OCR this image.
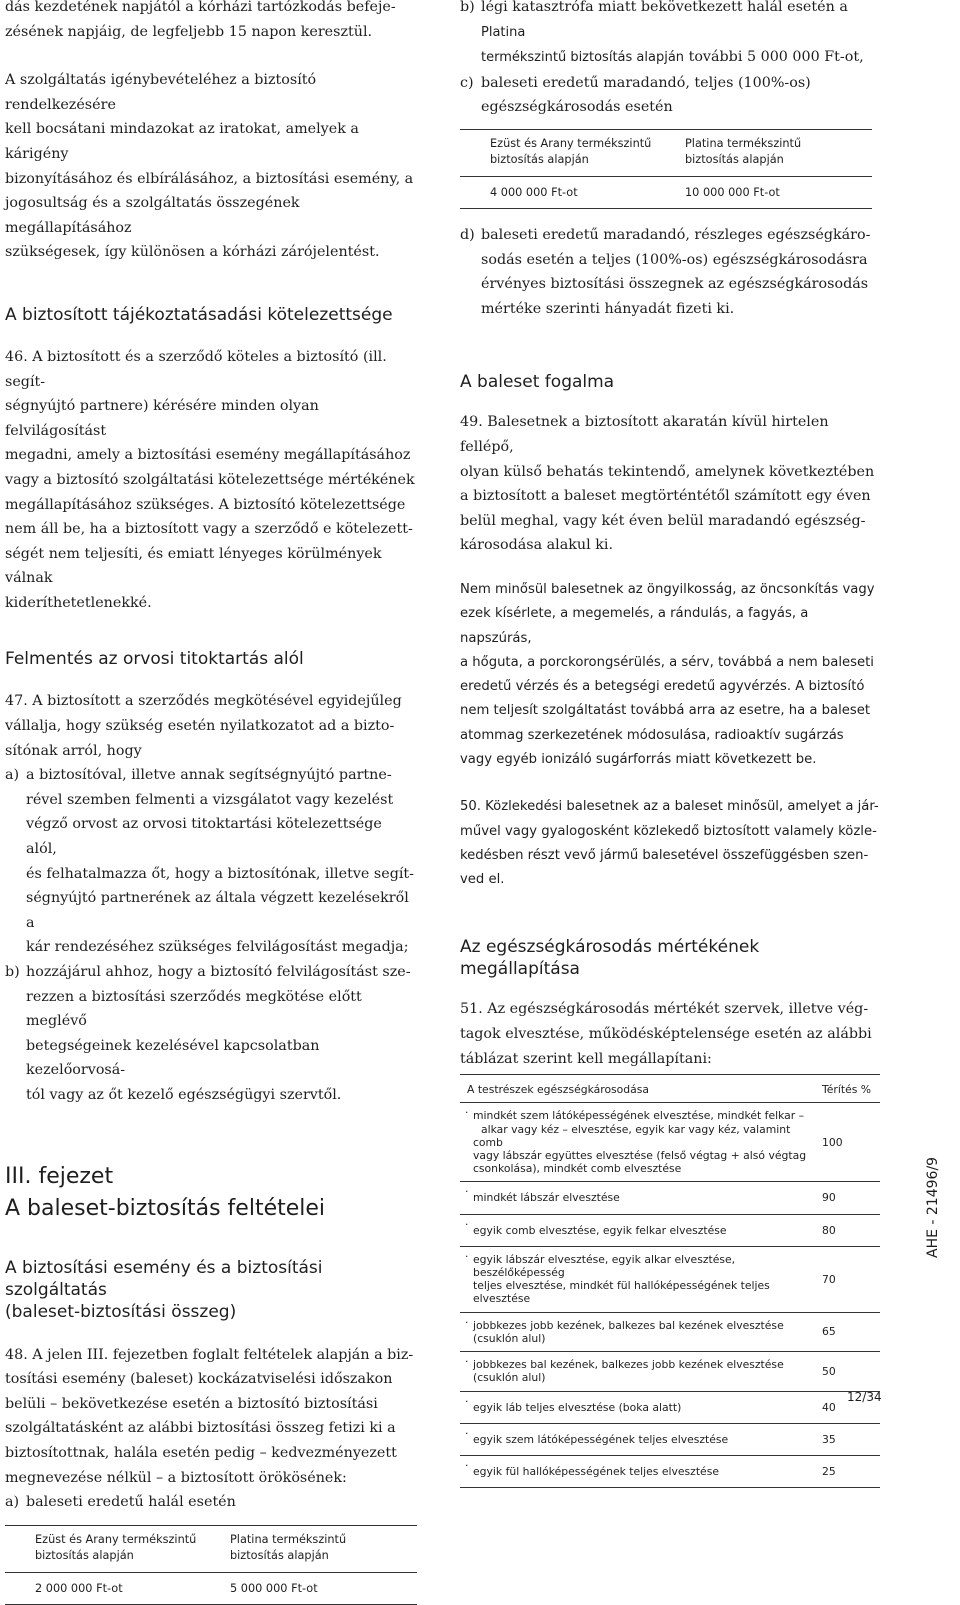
dás kezdetének napjától a kórházi tartózkodás befeje-
zésének napjáig, de legfeljebb 15 napon keresztül.

A szolgáltatás igénybevételéhez a biztosító rendelkezésére
kell bocsátani mindazokat az iratokat, amelyek a kárigény
bizonyításához és elbírálásához, a biztosítási esemény, a
jogosultság és a szolgáltatás összegének megállapításához
szükségesek, így különösen a kórházi zárójelentést.

A biztosított tájékoztatásadási kötelezettsége

46. A biztosított és a szerződő köteles a biztosító (ill. segít-
ségnyújtó partnere) kérésére minden olyan felvilágosítást
megadni, amely a biztosítási esemény megállapításához
vagy a biztosító szolgáltatási kötelezettsége mértékének
megállapításához szükséges. A biztosító kötelezettsége
nem áll be, ha a biztosított vagy a szerződő e kötelezett-
ségét nem teljesíti, és emiatt lényeges körülmények válnak
kideríthetetlenekké.

Felmentés az orvosi titoktartás alól

47. A biztosított a szerződés megkötésével egyidejűleg
vállalja, hogy szükség esetén nyilatkozatot ad a bizto-
sítónak arról, hogy

a) a biztosítóval, illetve annak segítségnyújtó partne-
rével szemben felmenti a vizsgálatot vagy kezelést
végző orvost az orvosi titoktartási kötelezettsége alól,
és felhatalmazza őt, hogy a biztosítónak, illetve segít-
ségnyújtó partnerének az általa végzett kezelésekről a
kár rendezéséhez szükséges felvilágosítást megadja;

b) hozzájárul ahhoz, hogy a biztosító felvilágosítást sze-
rezzen a biztosítási szerződés megkötése előtt meglévő
betegségeinek kezelésével kapcsolatban kezelőorvosá-
tól vagy az őt kezelő egészségügyi szervtől.

III. fejezet
A baleset-biztosítás feltételei
A biztosítási esemény és a biztosítási szolgáltatás
(baleset-biztosítási összeg)

48. A jelen III. fejezetben foglalt feltételek alapján a biz-
tosítási esemény (baleset) kockázatviselési időszakon
belüli – bekövetkezése esetén a biztosító biztosítási
szolgáltatásként az alábbi biztosítási összeg fetizi ki a
biztosítottnak, halála esetén pedig – kedvezményezett
megnevezése nélkül – a biztosított örökösének:

a) baleseti eredetű halál esetén

Ezüst és Arany termékszintű
biztosítás alapján	Platina termékszintű
biztosítás alapján
2 000 000 Ft-ot	5 000 000 Ft-ot

b) légi katasztrófa miatt bekövetkezett halál esetén a Platina
termékszintű biztosítás alapján további 5 000 000 Ft-ot,

c) baleseti eredetű maradandó, teljes (100%-os)
egészségkárosodás esetén

Ezüst és Arany termékszintű
biztosítás alapján	Platina termékszintű
biztosítás alapján
4 000 000 Ft-ot	10 000 000 Ft-ot

d) baleseti eredetű maradandó, részleges egészségkáro-
sodás esetén a teljes (100%-os) egészségkárosodásra
érvényes biztosítási összegnek az egészségkárosodás
mértéke szerinti hányadát fizeti ki.

A baleset fogalma

49. Balesetnek a biztosított akaratán kívül hirtelen fellépő,
olyan külső behatás tekintendő, amelynek következtében
a biztosított a baleset megtörténtétől számított egy éven
belül meghal, vagy két éven belül maradandó egészség-
károsodása alakul ki.

Nem minősül balesetnek az öngyilkosság, az öncsonkítás vagy
ezek kísérlete, a megemelés, a rándulás, a fagyás, a napszúrás,
a hőguta, a porckorongsérülés, a sérv, továbbá a nem baleseti
eredetű vérzés és a betegségi eredetű agyvérzés. A biztosító
nem teljesít szolgáltatást továbbá arra az esetre, ha a baleset
atommag szerkezetének módosulása, radioaktív sugárzás
vagy egyéb ionizáló sugárforrás miatt következett be.

50. Közlekedési balesetnek az a baleset minősül, amelyet a jár-
művel vagy gyalogosként közlekedő biztosított valamely közle-
kedésben részt vevő jármű balesetével összefüggésben szen-
ved el.

Az egészségkárosodás mértékének megállapítása

51. Az egészségkárosodás mértékét szervek, illetve vég-
tagok elvesztése, működésképtelensége esetén az alábbi
táblázat szerint kell megállapítani:

A testrészek egészségkárosodása	Térítés %
· mindkét szem látóképességének elvesztése, mindkét felkar –
alkar vagy kéz – elvesztése, egyik kar vagy kéz, valamint comb
vagy lábszár együttes elvesztése (felső végtag + alsó végtag
csonkolása), mindkét comb elvesztése	100
· mindkét lábszár elvesztése	90
· egyik comb elvesztése, egyik felkar elvesztése	80
· egyik lábszár elvesztése, egyik alkar elvesztése, beszélőképesség
teljes elvesztése, mindkét fül hallóképességének teljes elvesztése	70
· jobbkezes jobb kezének, balkezes bal kezének elvesztése
(csuklón alul)	65
· jobbkezes bal kezének, balkezes jobb kezének elvesztése
(csuklón alul)	50
· egyik láb teljes elvesztése (boka alatt)	40
· egyik szem látóképességének teljes elvesztése	35
· egyik fül hallóképességének teljes elvesztése	25
AHE - 21496/9
12/34
